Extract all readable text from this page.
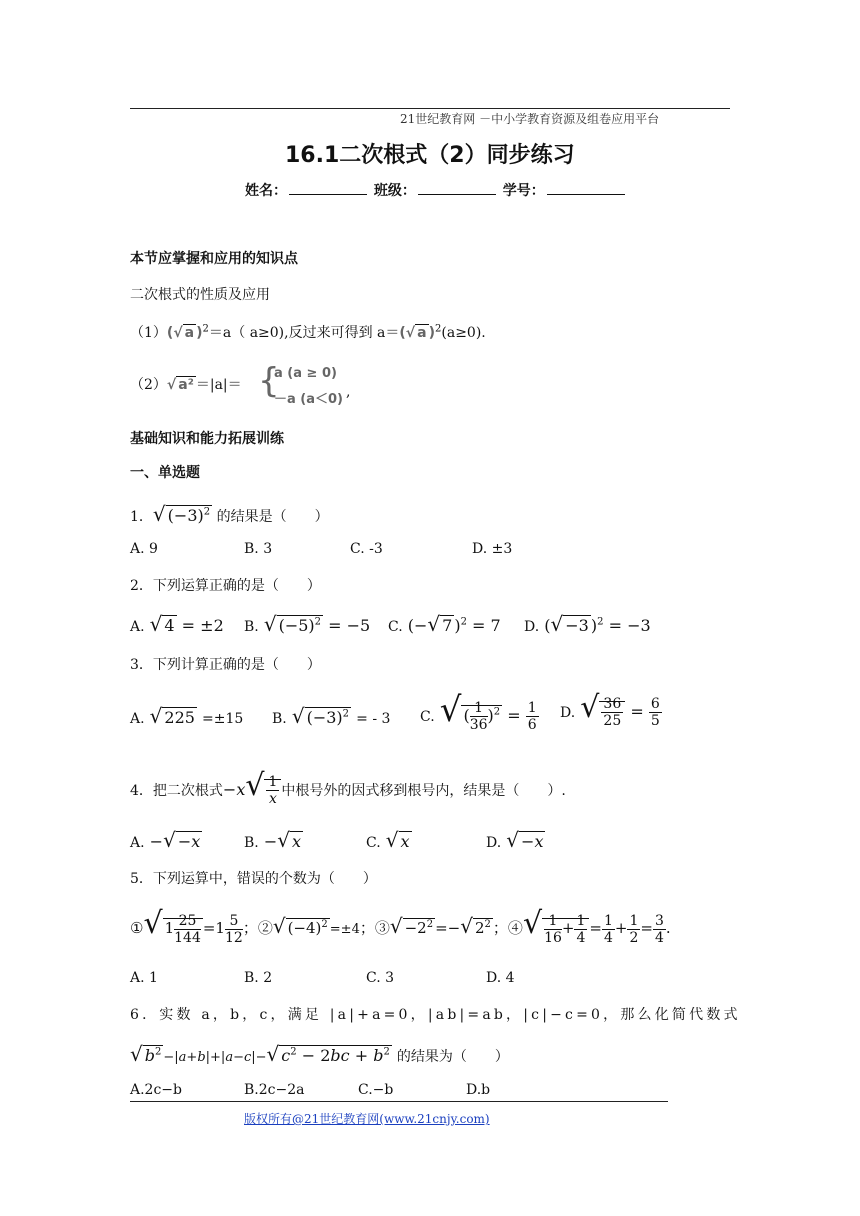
21世纪教育网 －中小学教育资源及组卷应用平台
16.1二次根式（2）同步练习
姓名：	班级：	学号：
本节应掌握和应用的知识点
二次根式的性质及应用
（1）(√ a )$^2$＝a（ a≥0),反过来可得到 a＝(√ a )$^2$(a≥0).
（2）√ a² ＝|a|＝ {
a (a ≥ 0)
－a (a＜0) ,
基础知识和能力拓展训练
一、单选题
1．√ $(-3)^2$ 的结果是（　　）
A. 9	B. 3	C. -3	D. ±3
2．下列运算正确的是（　　）
A. √ 4 = ±2 B. √ $(-5)^2 = -5$ C. (−√ 7 )$^2$ = 7 D. (√ −3 )$^2$ = −3
3．下列计算正确的是（　　）
A. √ 225 =±15 B. √ $(-3)^2$ = - 3 C. √ ( $\frac{1}{36} )^2 = \frac{1}{6} D$. √ $\frac{36}{25} = \frac{6}{5}$
4．把二次根式$-x√ \frac{1}{x}$ 中根号外的因式移到根号内，结果是（　　）.
A. −√ −x	B. −√ x	C. √ x	D. √ −x
5．下列运算中，错误的个数为（　　）
①√ $1 \frac{25}{144} =1 \frac{5}{12}$ ；②√ $(-4)^2 =\pm 4$；③√ $-2^2$ =−√ $2^2$ ；④√ $\frac{1}{16} + \frac{1}{4} = \frac{1}{4} + \frac{1}{2} = \frac{3}{4}$ .
A. 1	B. 2	C. 3	D. 4
6．实数 a，b，c，满足 |a|+a=0，|ab|=ab，|c|−c=0，那么化简代数式
√ $b^2 -|a+b|+|a-c|-√$ $c^2 - 2bc + b^2$ 的结果为（　　）
A.2c−b	B.2c−2a	C.−b	D.b
版权所有@21世纪教育网(www.21cnjy.com)
